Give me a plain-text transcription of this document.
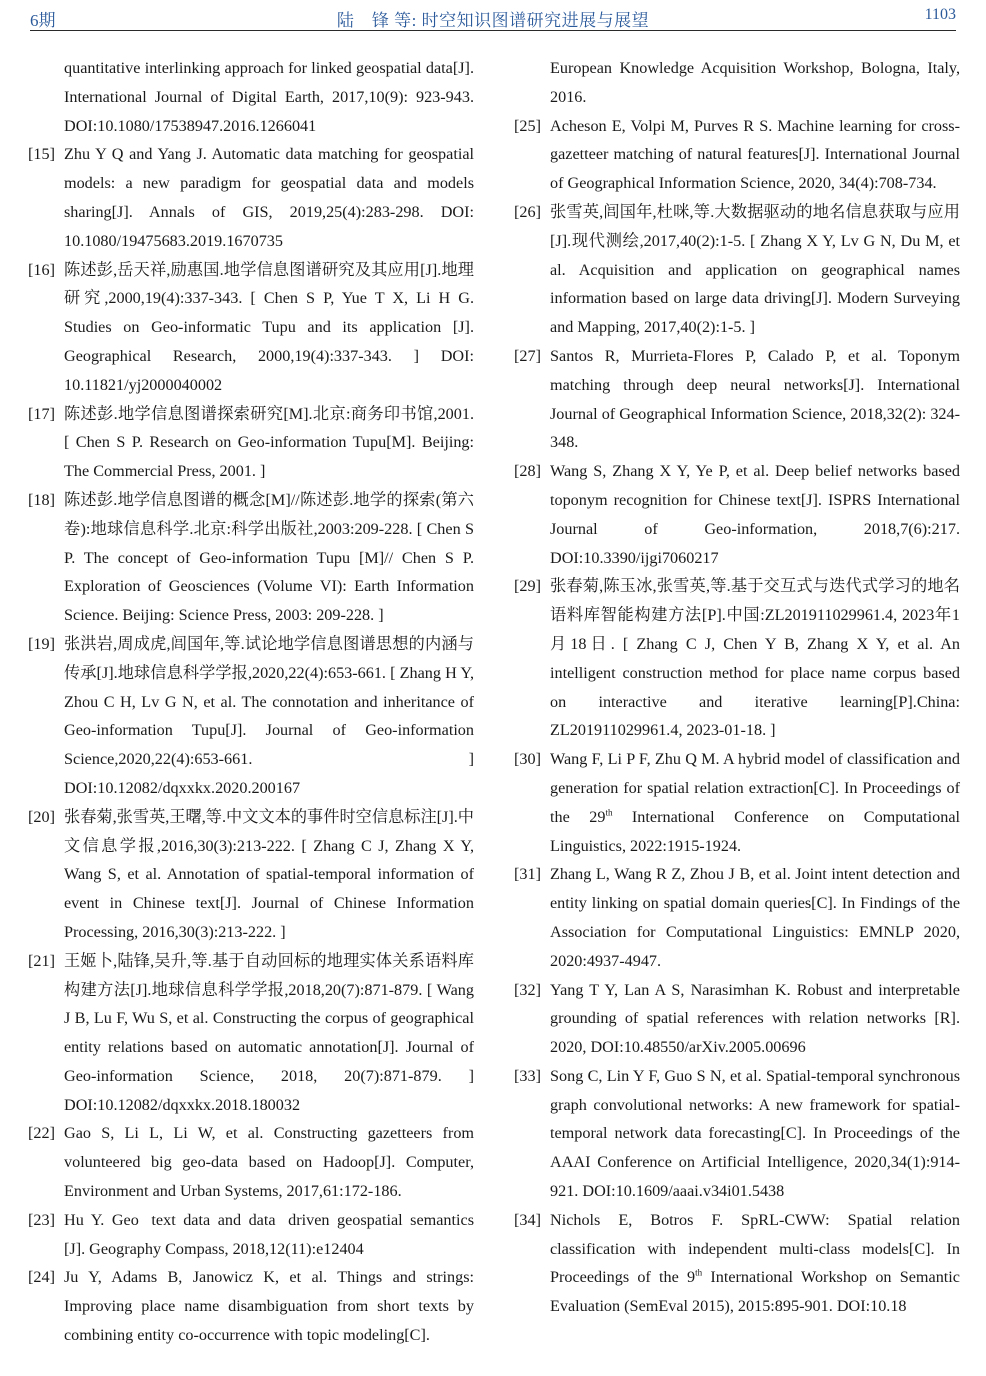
6期	陆　锋 等: 时空知识图谱研究进展与展望	1103
quantitative interlinking approach for linked geospatial data[J]. International Journal of Digital Earth, 2017,10(9): 923-943. DOI:10.1080/17538947.2016.1266041
[15] Zhu Y Q and Yang J. Automatic data matching for geospatial models: a new paradigm for geospatial data and models sharing[J]. Annals of GIS, 2019,25(4):283-298. DOI: 10.1080/19475683.2019.1670735
[16] 陈述彭,岳天祥,励惠国.地学信息图谱研究及其应用[J].地理研究,2000,19(4):337-343. [ Chen S P, Yue T X, Li H G. Studies on Geo-informatic Tupu and its application [J]. Geographical Research, 2000,19(4):337-343. ] DOI: 10.11821/yj2000040002
[17] 陈述彭.地学信息图谱探索研究[M].北京:商务印书馆,2001. [ Chen S P. Research on Geo-information Tupu[M]. Beijing: The Commercial Press, 2001. ]
[18] 陈述彭.地学信息图谱的概念[M]//陈述彭.地学的探索(第六卷):地球信息科学.北京:科学出版社,2003:209-228. [ Chen S P. The concept of Geo-information Tupu [M]// Chen S P. Exploration of Geosciences (Volume VI): Earth Information Science. Beijing: Science Press, 2003: 209-228. ]
[19] 张洪岩,周成虎,闾国年,等.试论地学信息图谱思想的内涵与传承[J].地球信息科学学报,2020,22(4):653-661. [ Zhang H Y, Zhou C H, Lv G N, et al. The connotation and inheritance of Geo-information Tupu[J]. Journal of Geo-information Science,2020,22(4):653-661. ] DOI:10.12082/dqxxkx.2020.200167
[20] 张春菊,张雪英,王曙,等.中文文本的事件时空信息标注[J].中文信息学报,2016,30(3):213-222. [ Zhang C J, Zhang X Y, Wang S, et al. Annotation of spatial-temporal information of event in Chinese text[J]. Journal of Chinese Information Processing, 2016,30(3):213-222. ]
[21] 王姬卜,陆锋,吴升,等.基于自动回标的地理实体关系语料库构建方法[J].地球信息科学学报,2018,20(7):871-879. [ Wang J B, Lu F, Wu S, et al. Constructing the corpus of geographical entity relations based on automatic annotation[J]. Journal of Geo-information Science, 2018, 20(7):871-879. ] DOI:10.12082/dqxxkx.2018.180032
[22] Gao S, Li L, Li W, et al. Constructing gazetteers from volunteered big geo-data based on Hadoop[J]. Computer, Environment and Urban Systems, 2017,61:172-186.
[23] Hu Y. Geo text data and data driven geospatial semantics [J]. Geography Compass, 2018,12(11):e12404
[24] Ju Y, Adams B, Janowicz K, et al. Things and strings: Improving place name disambiguation from short texts by combining entity co-occurrence with topic modeling[C].
European Knowledge Acquisition Workshop, Bologna, Italy, 2016.
[25] Acheson E, Volpi M, Purves R S. Machine learning for cross-gazetteer matching of natural features[J]. International Journal of Geographical Information Science, 2020, 34(4):708-734.
[26] 张雪英,闾国年,杜咪,等.大数据驱动的地名信息获取与应用[J].现代测绘,2017,40(2):1-5. [ Zhang X Y, Lv G N, Du M, et al. Acquisition and application on geographical names information based on large data driving[J]. Modern Surveying and Mapping, 2017,40(2):1-5. ]
[27] Santos R, Murrieta-Flores P, Calado P, et al. Toponym matching through deep neural networks[J]. International Journal of Geographical Information Science, 2018,32(2): 324-348.
[28] Wang S, Zhang X Y, Ye P, et al. Deep belief networks based toponym recognition for Chinese text[J]. ISPRS International Journal of Geo-information, 2018,7(6):217. DOI:10.3390/ijgi7060217
[29] 张春菊,陈玉冰,张雪英,等.基于交互式与迭代式学习的地名语料库智能构建方法[P].中国:ZL201911029961.4, 2023年1月18日. [ Zhang C J, Chen Y B, Zhang X Y, et al. An intelligent construction method for place name corpus based on interactive and iterative learning[P].China: ZL201911029961.4, 2023-01-18. ]
[30] Wang F, Li P F, Zhu Q M. A hybrid model of classification and generation for spatial relation extraction[C]. In Proceedings of the 29th International Conference on Computational Linguistics, 2022:1915-1924.
[31] Zhang L, Wang R Z, Zhou J B, et al. Joint intent detection and entity linking on spatial domain queries[C]. In Findings of the Association for Computational Linguistics: EMNLP 2020, 2020:4937-4947.
[32] Yang T Y, Lan A S, Narasimhan K. Robust and interpretable grounding of spatial references with relation networks [R]. 2020, DOI:10.48550/arXiv.2005.00696
[33] Song C, Lin Y F, Guo S N, et al. Spatial-temporal synchronous graph convolutional networks: A new framework for spatial-temporal network data forecasting[C]. In Proceedings of the AAAI Conference on Artificial Intelligence, 2020,34(1):914-921. DOI:10.1609/aaai.v34i01.5438
[34] Nichols E, Botros F. SpRL-CWW: Spatial relation classification with independent multi-class models[C]. In Proceedings of the 9th International Workshop on Semantic Evaluation (SemEval 2015), 2015:895-901. DOI:10.18
